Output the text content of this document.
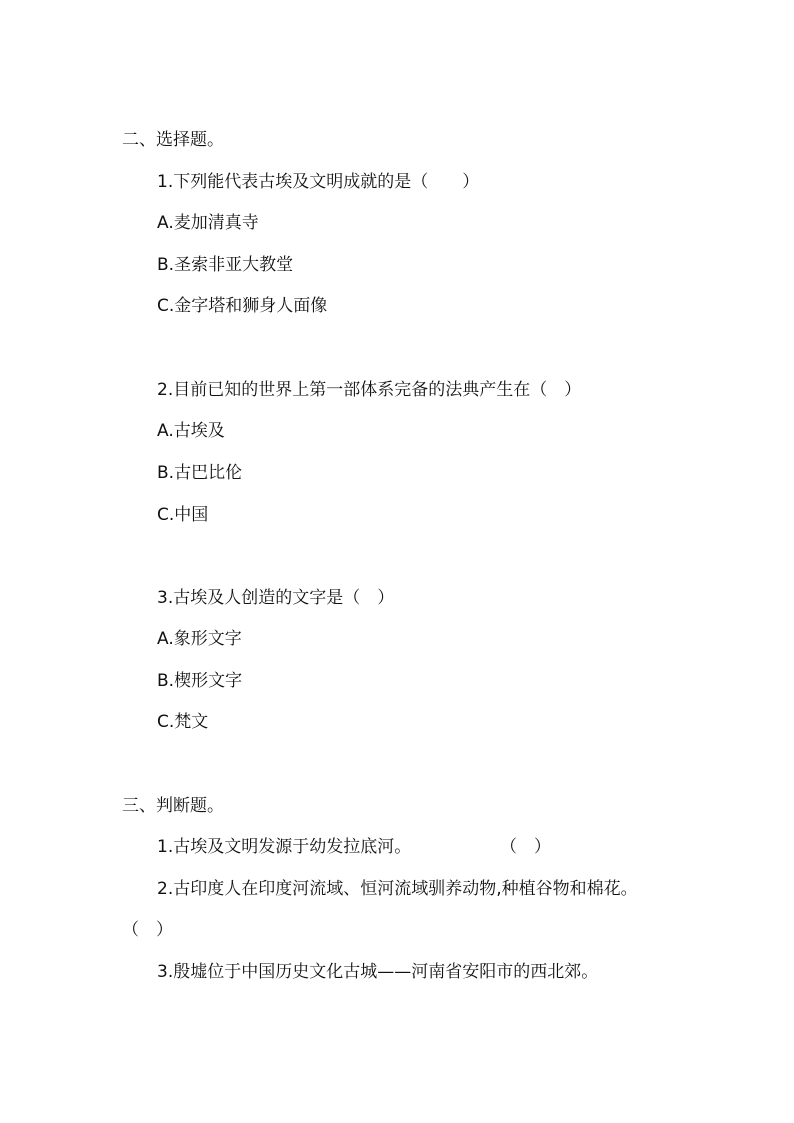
二、选择题。
1.下列能代表古埃及文明成就的是（　　）
A.麦加清真寺
B.圣索非亚大教堂
C.金字塔和狮身人面像
2.目前已知的世界上第一部体系完备的法典产生在（　）
A.古埃及
B.古巴比伦
C.中国
3.古埃及人创造的文字是（　）
A.象形文字
B.楔形文字
C.梵文
三、判断题。
1.古埃及文明发源于幼发拉底河。	（　）
2.古印度人在印度河流域、恒河流域驯养动物,种植谷物和棉花。
（　）
3.殷墟位于中国历史文化古城——河南省安阳市的西北郊。
